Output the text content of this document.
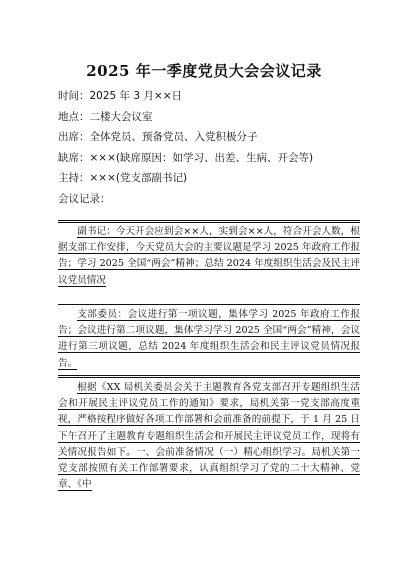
2025 年一季度党员大会会议记录
时间：2025 年 3 月××日
地点：二楼大会议室
出席：全体党员、预备党员、入党积极分子
缺席：×××(缺席原因：如学习、出差、生病、开会等)
主持：×××(党支部副书记)
会议记录：

副书记：今天开会应到会××人，实到会××人，符合开会人数，根据支部工作安排，今天党员大会的主要议题是学习 2025 年政府工作报告；学习 2025 全国“两会”精神；总结 2024 年度组织生活会及民主评议党员情况

支部委员：会议进行第一项议题，集体学习 2025 年政府工作报告；会议进行第二项议题，集体学习学习 2025 全国“两会”精神，会议进行第三项议题，总结 2024 年度组织生活会和民主评议党员情况报告。

根据《XX 局机关委员会关于主题教育各党支部召开专题组织生活会和开展民主评议党员工作的通知》要求，局机关第一党支部高度重视，严格按程序做好各项工作部署和会前准备的前提下，于 1 月 25 日下午召开了主题教育专题组织生活会和开展民主评议党员工作，现将有关情况报告如下。一、会前准备情况（一）精心组织学习。局机关第一党支部按照有关工作部署要求，认真组织学习了党的二十大精神、党章、《中
